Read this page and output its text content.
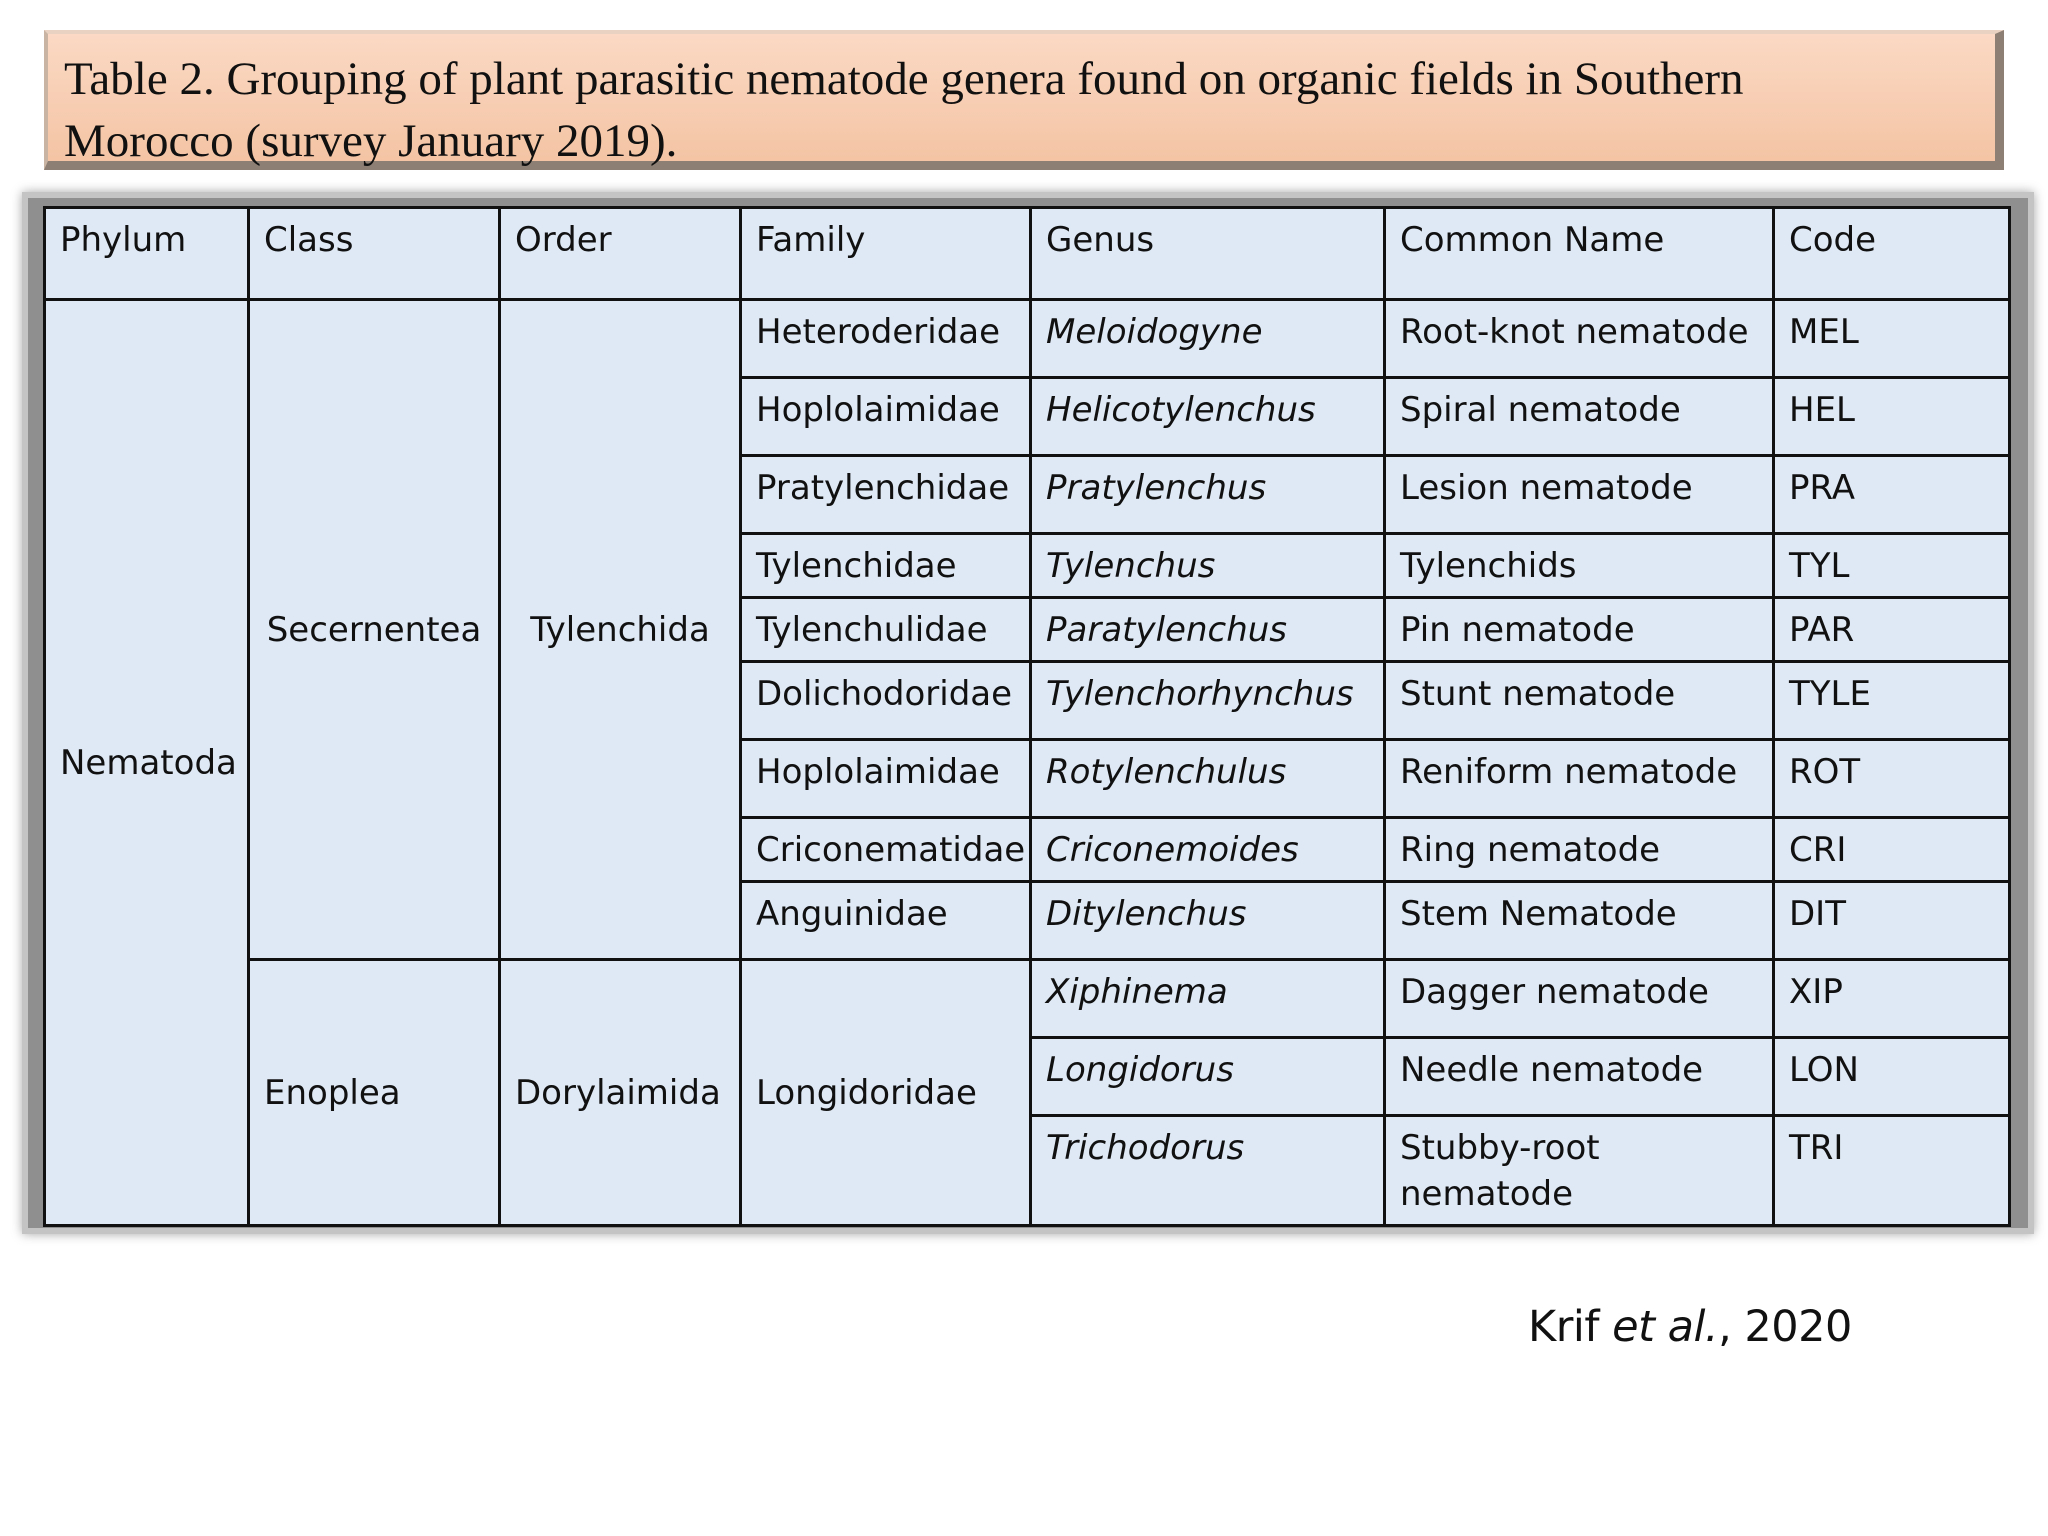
Table 2. Grouping of plant parasitic nematode genera found on organic fields in Southern
Morocco (survey January 2019).
Phylum	Class	Order	Family	Genus	Common Name	Code
Nematoda	Secernentea	Tylenchida	Heteroderidae	Meloidogyne	Root-knot nematode	MEL
			Hoplolaimidae	Helicotylenchus	Spiral nematode	HEL
			Pratylenchidae	Pratylenchus	Lesion nematode	PRA
			Tylenchidae	Tylenchus	Tylenchids	TYL
			Tylenchulidae	Paratylenchus	Pin nematode	PAR
			Dolichodoridae	Tylenchorhynchus	Stunt nematode	TYLE
			Hoplolaimidae	Rotylenchulus	Reniform nematode	ROT
			Criconematidae	Criconemoides	Ring nematode	CRI
			Anguinidae	Ditylenchus	Stem Nematode	DIT
	Enoplea	Dorylaimida	Longidoridae	Xiphinema	Dagger nematode	XIP
				Longidorus	Needle nematode	LON
				Trichodorus	Stubby-root nematode	TRI
Krif et al., 2020
